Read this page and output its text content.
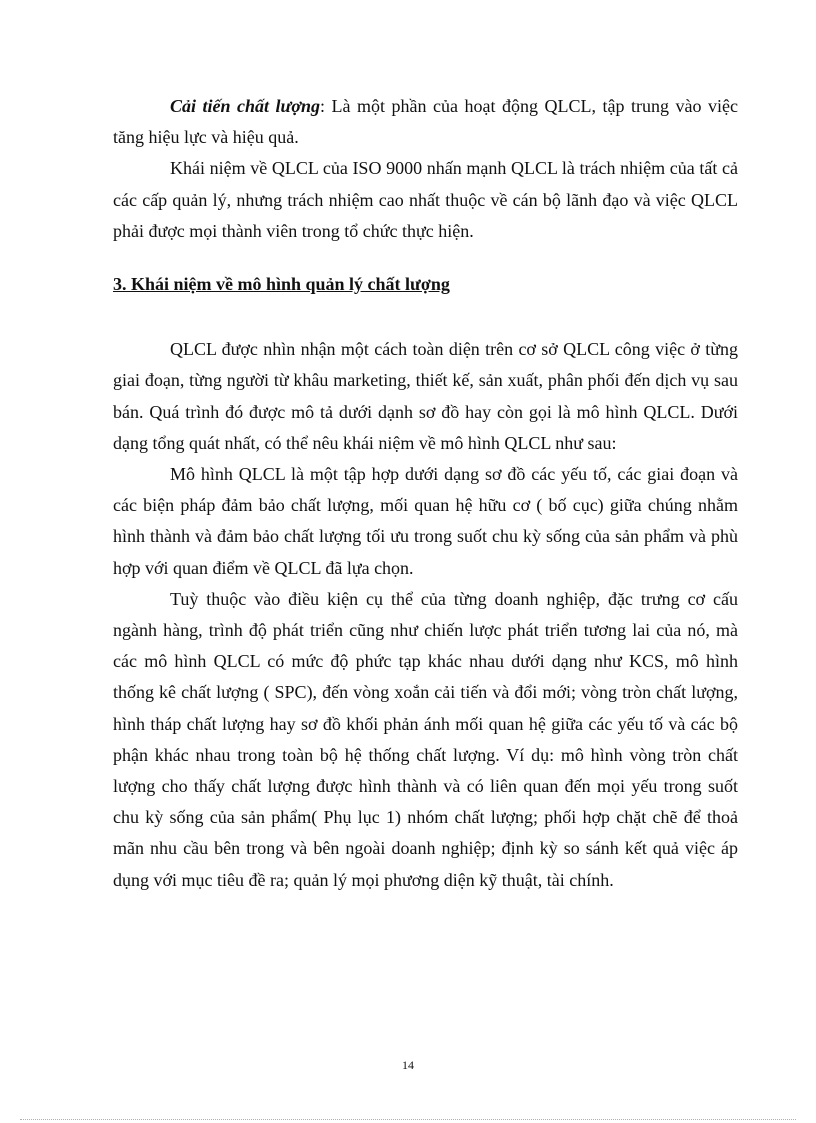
Cải tiến chất lượng: Là một phần của hoạt động QLCL, tập trung vào việc tăng hiệu lực và hiệu quả.

Khái niệm về QLCL của ISO 9000 nhấn mạnh QLCL là trách nhiệm của tất cả các cấp quản lý, nhưng trách nhiệm cao nhất thuộc về cán bộ lãnh đạo và việc QLCL phải được mọi thành viên trong tổ chức thực hiện.

3. Khái niệm về mô hình quản lý chất lượng

QLCL được nhìn nhận một cách toàn diện trên cơ sở QLCL công việc ở từng giai đoạn, từng người từ khâu marketing, thiết kế, sản xuất, phân phối đến dịch vụ sau bán. Quá trình đó được mô tả dưới dạnh sơ đồ hay còn gọi là mô hình QLCL. Dưới dạng tổng quát nhất, có thể nêu khái niệm về mô hình QLCL như sau:

Mô hình QLCL là một tập hợp dưới dạng sơ đồ các yếu tố, các giai đoạn và các biện pháp đảm bảo chất lượng, mối quan hệ hữu cơ ( bố cục) giữa chúng nhằm hình thành và đảm bảo chất lượng tối ưu trong suốt chu kỳ sống của sản phẩm và phù hợp với quan điểm về QLCL đã lựa chọn.

Tuỳ thuộc vào điều kiện cụ thể của từng doanh nghiệp, đặc trưng cơ cấu ngành hàng, trình độ phát triển cũng như chiến lược phát triển tương lai của nó, mà các mô hình QLCL có mức độ phức tạp khác nhau dưới dạng như KCS, mô hình thống kê chất lượng ( SPC), đến vòng xoắn cải tiến và đổi mới; vòng tròn chất lượng, hình tháp chất lượng hay sơ đồ khối phản ánh mối quan hệ giữa các yếu tố và các bộ phận khác nhau trong toàn bộ hệ thống chất lượng. Ví dụ: mô hình vòng tròn chất lượng cho thấy chất lượng được hình thành và có liên quan đến mọi yếu trong suốt chu kỳ sống của sản phẩm( Phụ lục 1) nhóm chất lượng; phối hợp chặt chẽ để thoả mãn nhu cầu bên trong và bên ngoài doanh nghiệp; định kỳ so sánh kết quả việc áp dụng với mục tiêu đề ra; quản lý mọi phương diện kỹ thuật, tài chính.

14
